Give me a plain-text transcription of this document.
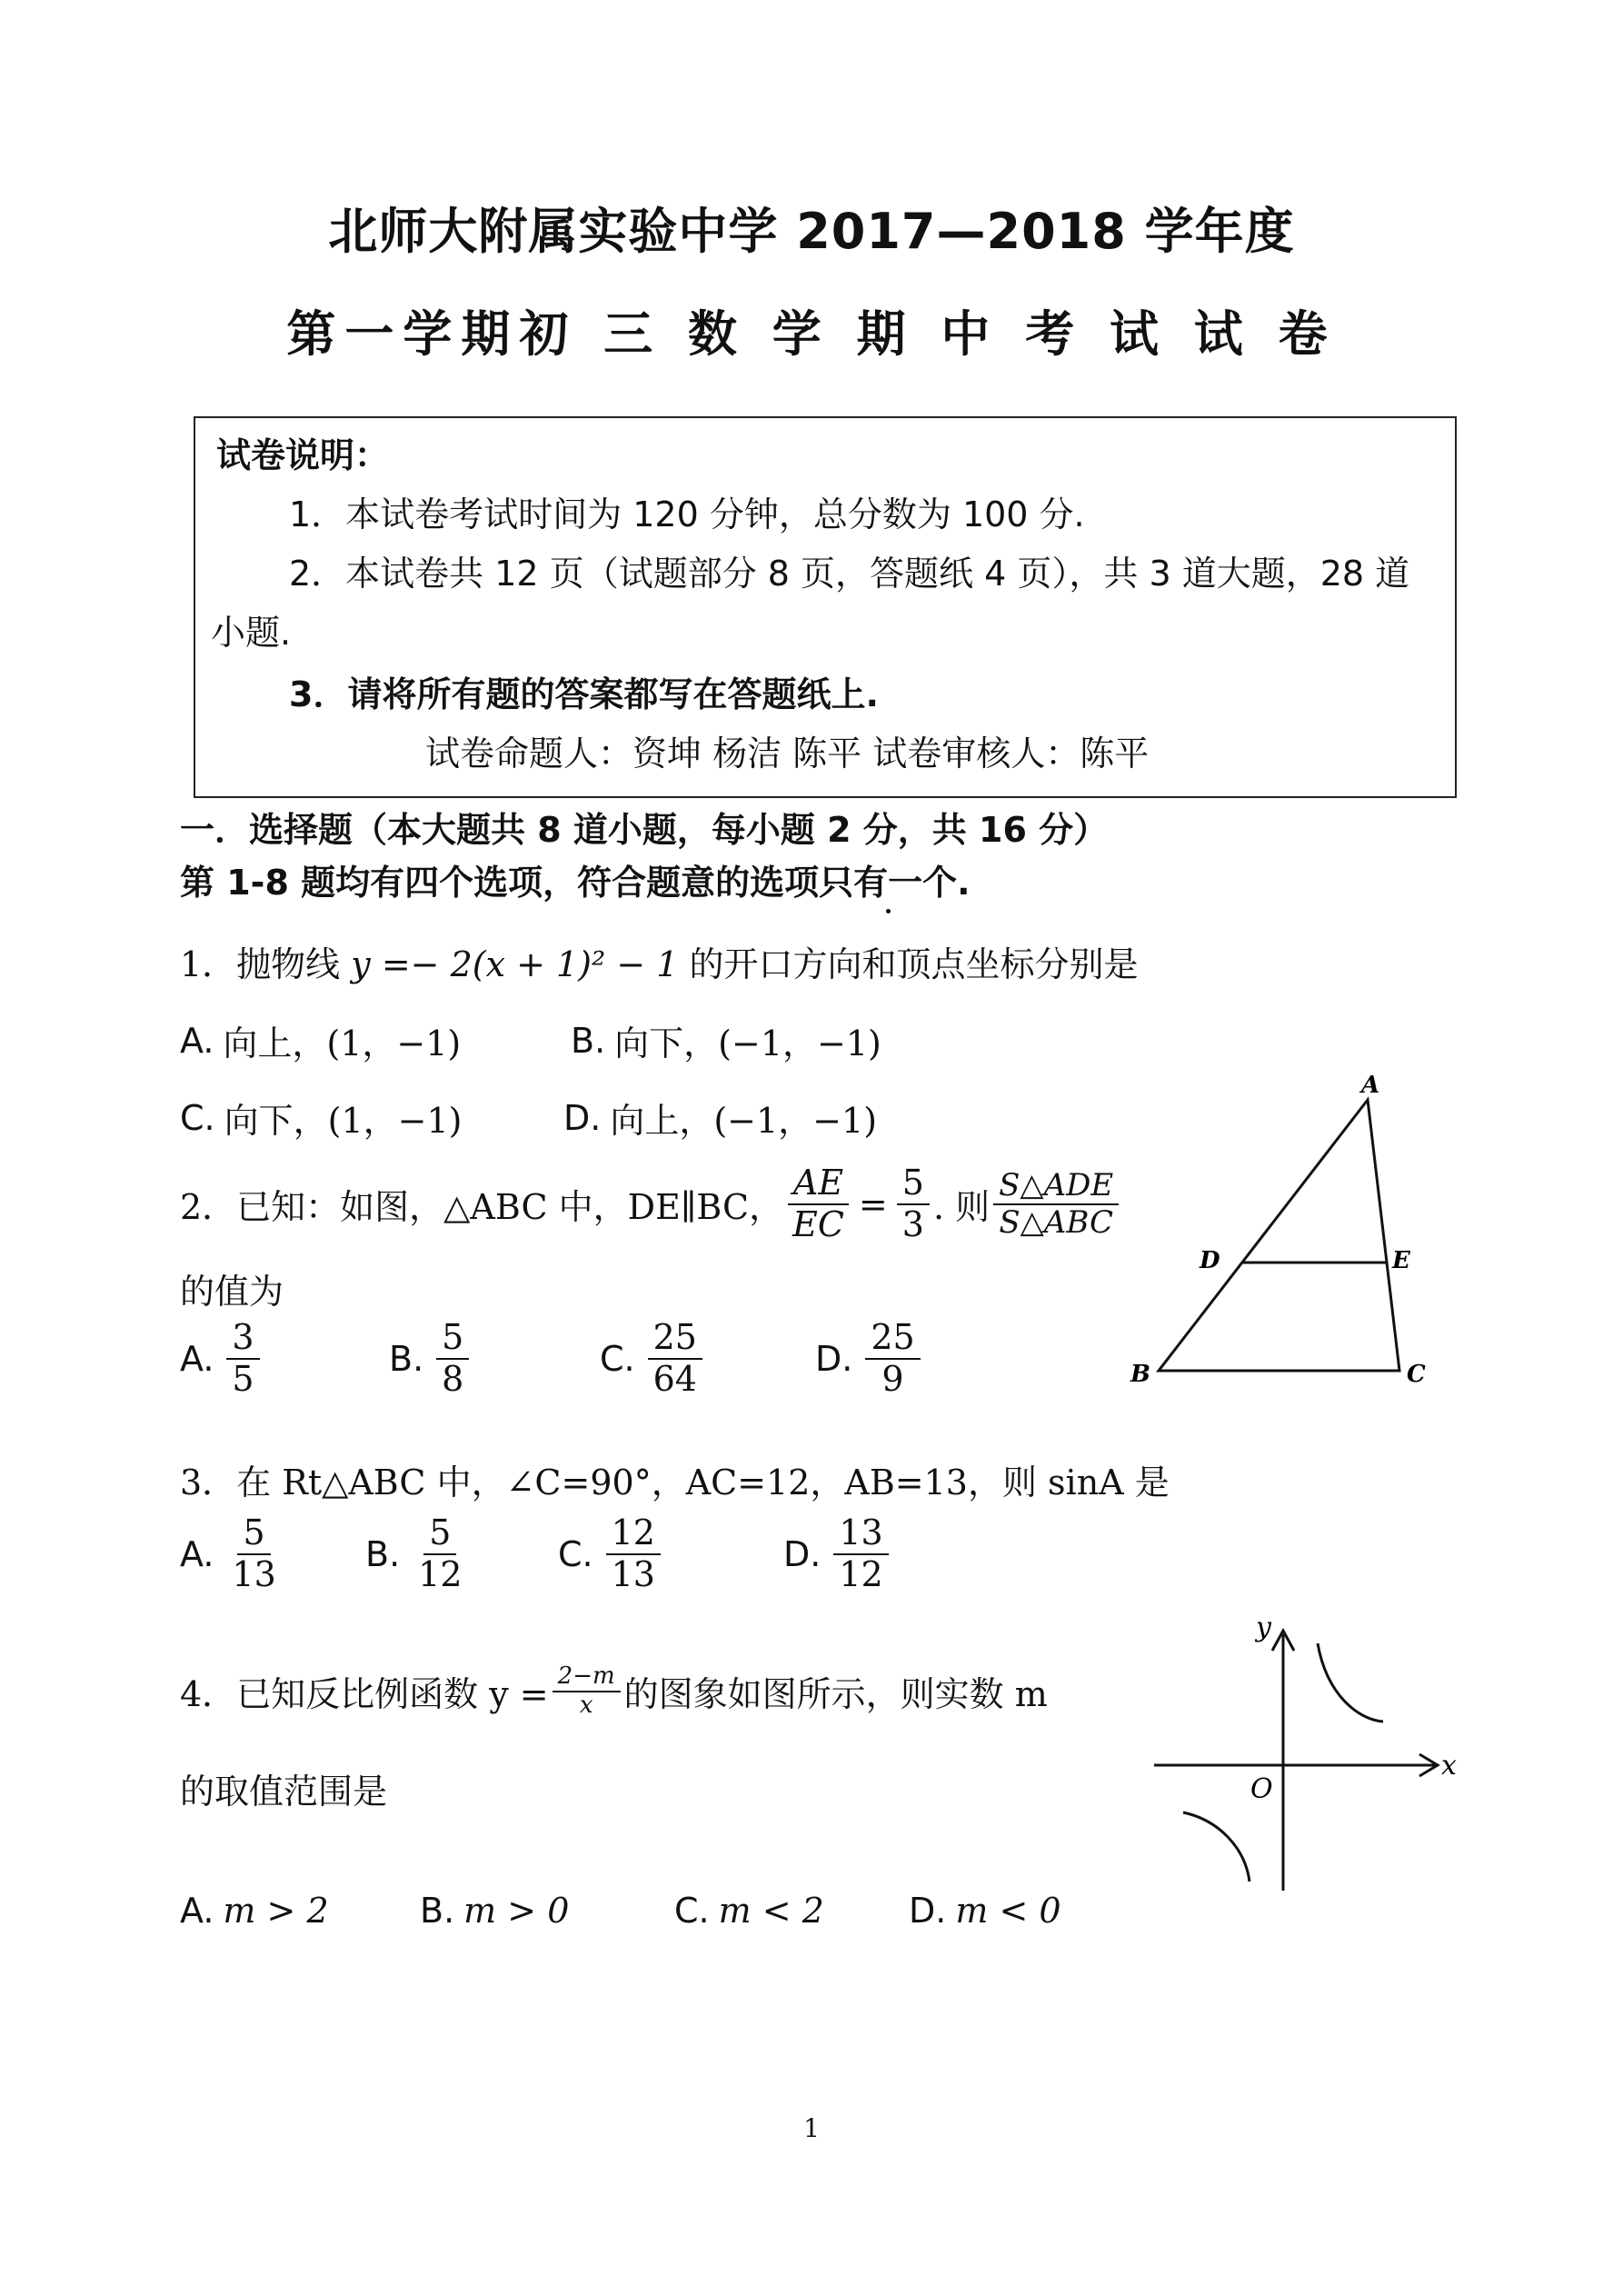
北师大附属实验中学 2017—2018 学年度
第一学期初 三 数 学 期 中 考 试 试 卷
试卷说明：
1．本试卷考试时间为 120 分钟，总分数为 100 分.
2．本试卷共 12 页（试题部分 8 页，答题纸 4 页），共 3 道大题，28 道
小题.
3．请将所有题的答案都写在答题纸上.
试卷命题人：资坤 杨洁 陈平 试卷审核人：陈平
一．选择题（本大题共 8 道小题，每小题 2 分，共 16 分）
第 1-8 题均有四个选项，符合题意的选项只有一个.
1．抛物线 y =− 2(x + 1)² − 1 的开口方向和顶点坐标分别是
A. 向上，(1，−1)	B. 向下，(−1，−1)
C. 向下，(1，−1)	D. 向上，(−1，−1)
2．已知：如图，△ABC 中，DE∥BC， $\frac{AE}{EC} = \frac{5}{3}$ . 则 $\frac{\text{S△ADE}}{\text{S△ABC}}$
的值为
A. $\frac{3}{5}$	B. $\frac{5}{8}$	C. $\frac{25}{64}$	D. $\frac{25}{9}$
A
B	C
D	E
3．在 Rt△ABC 中，∠C=90°，AC=12，AB=13，则 sinA 是
A. $\frac{5}{13} B$. $\frac{5}{12}$	C. $\frac{12}{13}$	D. $\frac{13}{12}$
4．已知反比例函数 $y = \frac{2-m}{x}$ 的图象如图所示，则实数 m
的取值范围是
A. m > 2	B. m > 0	C. m < 2 D. m < 0
y
x
O
1
